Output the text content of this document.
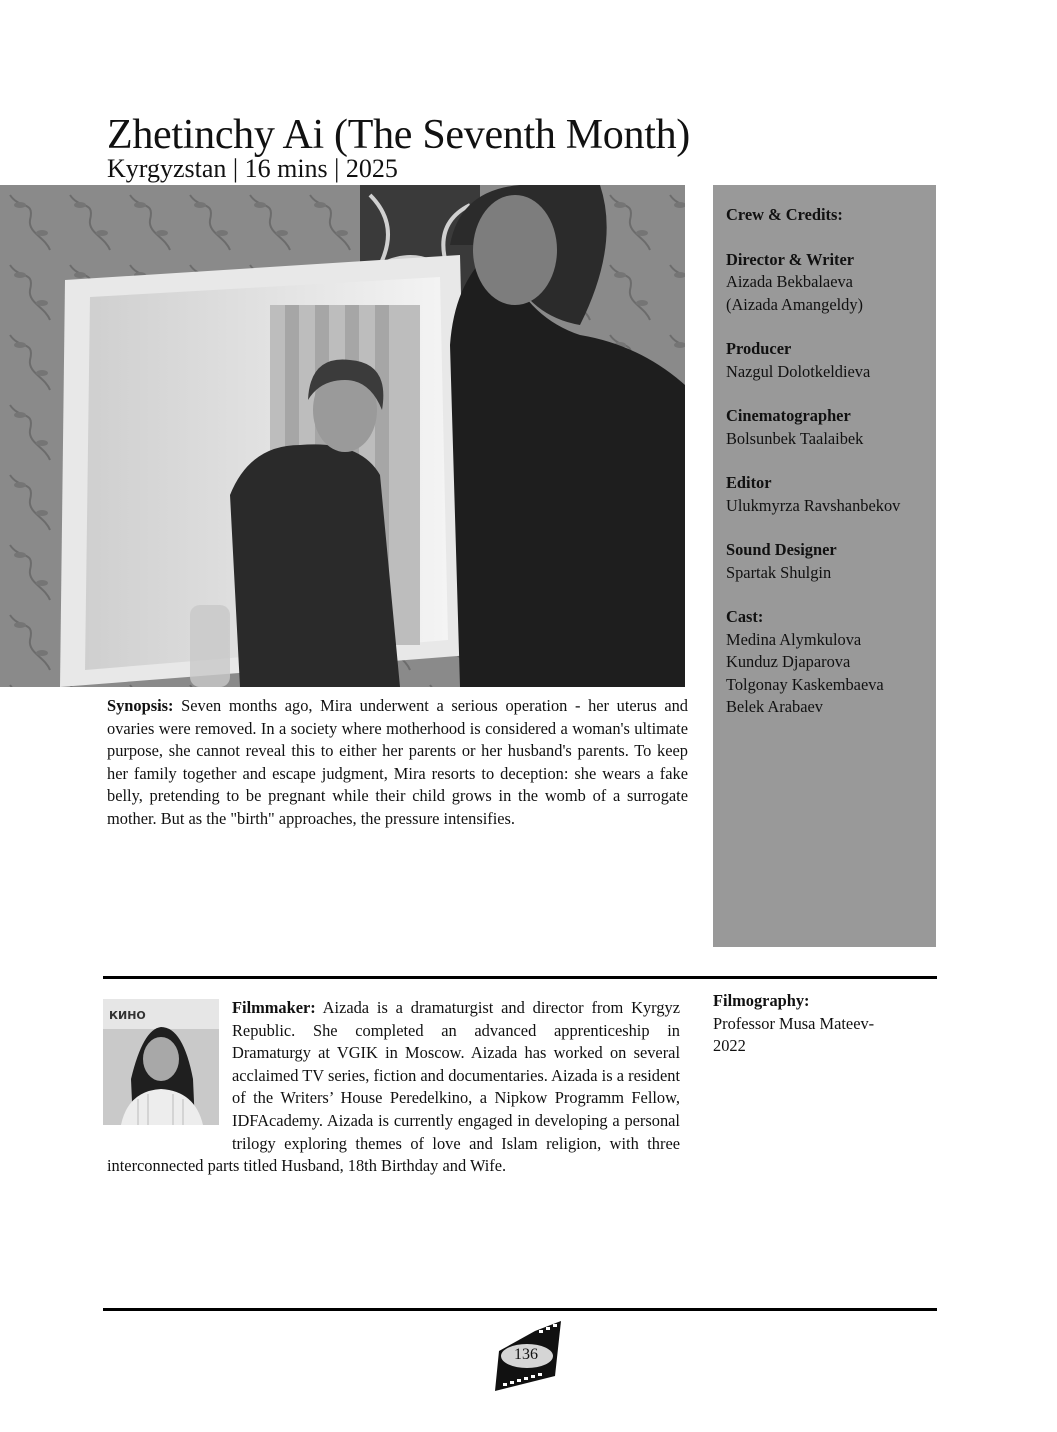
Zhetinchy Ai (The Seventh Month)
Kyrgyzstan | 16 mins | 2025
Synopsis: Seven months ago, Mira underwent a serious operation - her uterus and ovaries were removed. In a society where motherhood is considered a woman's ultimate purpose, she cannot reveal this to either her parents or her husband's parents. To keep her family together and escape judgment, Mira resorts to deception: she wears a fake belly, pretending to be pregnant while their child grows in the womb of a surrogate mother. But as the "birth" approaches, the pressure intensifies.
Crew & Credits:
Director & Writer
Aizada Bekbalaeva
(Aizada Amangeldy)
Producer
Nazgul Dolotkeldieva
Cinematographer
Bolsunbek Taalaibek
Editor
Ulukmyrza Ravshanbekov
Sound Designer
Spartak Shulgin
Cast:
Medina Alymkulova
Kunduz Djaparova
Tolgonay Kaskembaeva
Belek Arabaev
КИНО	Filmmaker: Aizada is a dramaturgist and director from Kyrgyz Republic. She completed an advanced apprenticeship in Dramaturgy at VGIK in Moscow. Aizada has worked on several acclaimed TV series, fiction and documentaries. Aizada is a resident of the Writers’ House Peredelkino, a Nipkow Programm Fellow, IDFAcademy. Aizada is currently engaged in developing a personal trilogy exploring themes of love and Islam religion, with three interconnected parts titled Husband, 18th Birthday and Wife.
Filmography:
Professor Musa Mateev-
2022
136
